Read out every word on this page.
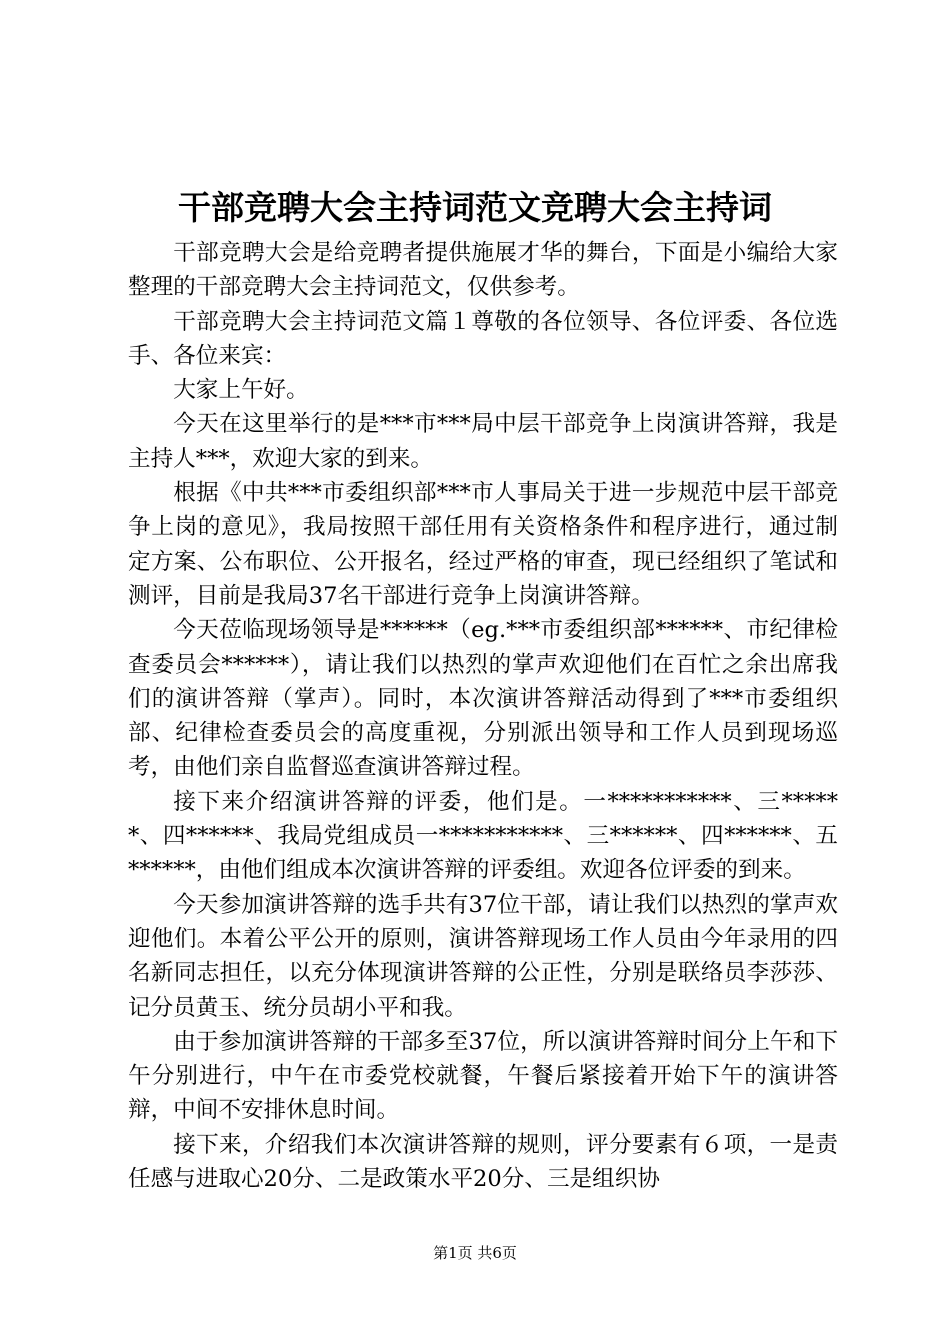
干部竞聘大会主持词范文竞聘大会主持词

干部竞聘大会是给竞聘者提供施展才华的舞台，下面是小编给大家整理的干部竞聘大会主持词范文，仅供参考。

干部竞聘大会主持词范文篇１尊敬的各位领导、各位评委、各位选手、各位来宾：

大家上午好。

今天在这里举行的是***市***局中层干部竞争上岗演讲答辩，我是主持人***，欢迎大家的到来。

根据《中共***市委组织部***市人事局关于进一步规范中层干部竞争上岗的意见》，我局按照干部任用有关资格条件和程序进行，通过制定方案、公布职位、公开报名，经过严格的审查，现已经组织了笔试和测评，目前是我局37名干部进行竞争上岗演讲答辩。

今天莅临现场领导是******（eg.***市委组织部******、市纪律检查委员会******），请让我们以热烈的掌声欢迎他们在百忙之余出席我们的演讲答辩（掌声）。同时，本次演讲答辩活动得到了***市委组织部、纪律检查委员会的高度重视，分别派出领导和工作人员到现场巡考，由他们亲自监督巡查演讲答辩过程。

接下来介绍演讲答辩的评委，他们是。一***********、三******、四******、我局党组成员一***********、三******、四******、五******，由他们组成本次演讲答辩的评委组。欢迎各位评委的到来。

今天参加演讲答辩的选手共有37位干部，请让我们以热烈的掌声欢迎他们。本着公平公开的原则，演讲答辩现场工作人员由今年录用的四名新同志担任，以充分体现演讲答辩的公正性，分别是联络员李莎莎、记分员黄玉、统分员胡小平和我。

由于参加演讲答辩的干部多至37位，所以演讲答辩时间分上午和下午分别进行，中午在市委党校就餐，午餐后紧接着开始下午的演讲答辩，中间不安排休息时间。

接下来，介绍我们本次演讲答辩的规则，评分要素有６项，一是责任感与进取心20分、二是政策水平20分、三是组织协

第1页 共6页
